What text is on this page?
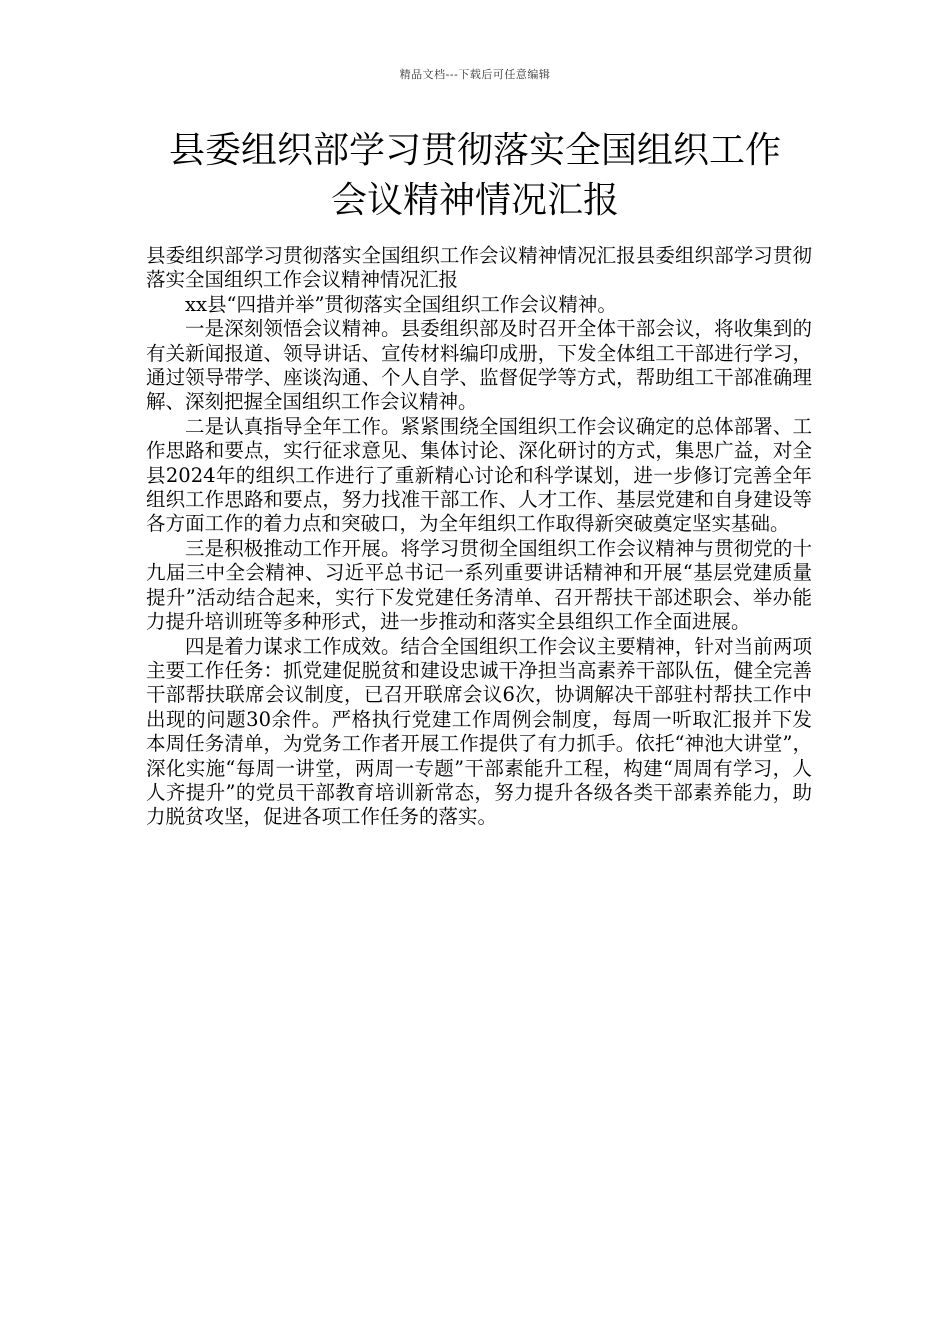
精品文档---下载后可任意编辑
县委组织部学习贯彻落实全国组织工作
会议精神情况汇报

县委组织部学习贯彻落实全国组织工作会议精神情况汇报县委组织部学习贯彻落实全国组织工作会议精神情况汇报

xx县“四措并举”贯彻落实全国组织工作会议精神。

一是深刻领悟会议精神。县委组织部及时召开全体干部会议，将收集到的有关新闻报道、领导讲话、宣传材料编印成册，下发全体组工干部进行学习，通过领导带学、座谈沟通、个人自学、监督促学等方式，帮助组工干部准确理解、深刻把握全国组织工作会议精神。

二是认真指导全年工作。紧紧围绕全国组织工作会议确定的总体部署、工作思路和要点，实行征求意见、集体讨论、深化研讨的方式，集思广益，对全县2024年的组织工作进行了重新精心讨论和科学谋划，进一步修订完善全年组织工作思路和要点，努力找准干部工作、人才工作、基层党建和自身建设等各方面工作的着力点和突破口，为全年组织工作取得新突破奠定坚实基础。

三是积极推动工作开展。将学习贯彻全国组织工作会议精神与贯彻党的十九届三中全会精神、习近平总书记一系列重要讲话精神和开展“基层党建质量提升”活动结合起来，实行下发党建任务清单、召开帮扶干部述职会、举办能力提升培训班等多种形式，进一步推动和落实全县组织工作全面进展。

四是着力谋求工作成效。结合全国组织工作会议主要精神，针对当前两项主要工作任务：抓党建促脱贫和建设忠诚干净担当高素养干部队伍，健全完善干部帮扶联席会议制度，已召开联席会议6次，协调解决干部驻村帮扶工作中出现的问题30余件。严格执行党建工作周例会制度，每周一听取汇报并下发本周任务清单，为党务工作者开展工作提供了有力抓手。依托“神池大讲堂”，深化实施“每周一讲堂，两周一专题”干部素能升工程，构建“周周有学习，人人齐提升”的党员干部教育培训新常态，努力提升各级各类干部素养能力，助力脱贫攻坚，促进各项工作任务的落实。
